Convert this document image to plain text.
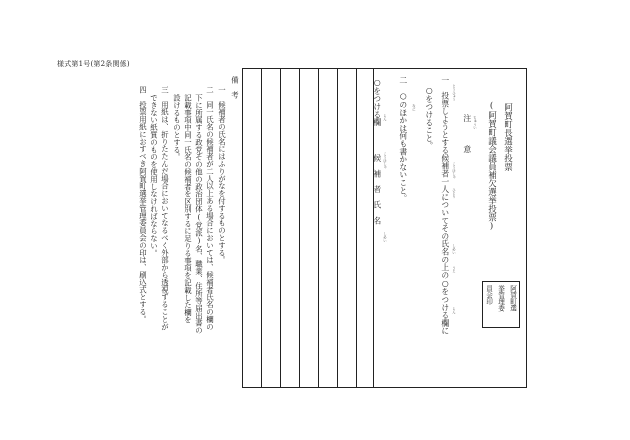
様式第1号(第2条関係)
阿賀町長選挙投票
(阿賀町議会議員補欠選挙投票)
ちゅうい
注　　　意
とうひょう
こうほしゃ
ひとり
しめい
うえ
らん
一　投票しようとする候補者一人についてその氏名の上の○をつける欄に
○をつけること。
なに
二　○のほかは何も書かないこと。
らん
○をつける欄
こうほしゃ
しめい
候　補　者　氏　名
阿賀町選
挙管理委
員会印
備　考
一　候補者の氏名にはふりがなを付するものとする。
二　同一氏名の候補者が二人以上ある場合においては、候補者氏名の欄の
下に所属する政党その他の政治団体(党派)名、職業、住所等届出書の
記載事項中同一氏名の候補者を区別するに足りる事項を記載した欄を
設けるものとする。
三　用紙は、折りたたんだ場合においてなるべく外部から透視することが
できない紙質のものを使用しなければならない。
四　投票用紙におすべき阿賀町選挙管理委員会の印は、刷込式とする。
